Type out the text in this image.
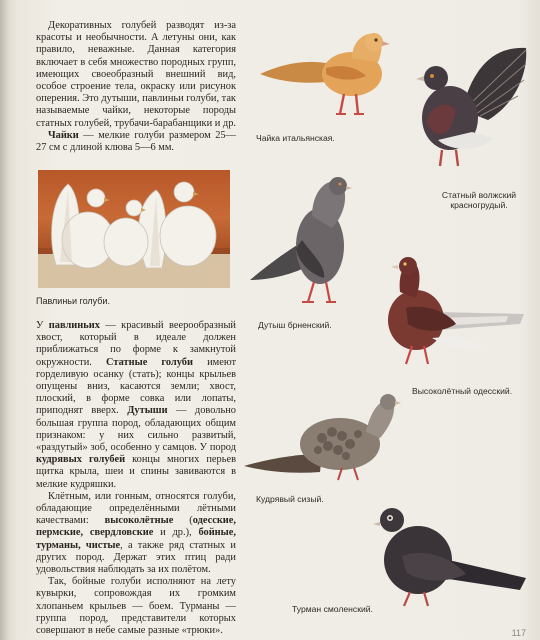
Декоративных голубей разводят из-за красоты и необычности. А летуны они, как правило, неважные. Данная категория включает в себя множество породных групп, имеющих своеобразный внешний вид, особое строение тела, окраску или рисунок оперения. Это дутыши, павлиньи голуби, так называемые чайки, некоторые породы статных голубей, трубачи-барабанщики и др.

Чайки — мелкие голуби размером 25—27 см с длиной клюва 5—6 мм.

Павлиньи голуби.

У павлиньих — красивый веерообразный хвост, который в идеале должен приближаться по форме к замкнутой окружности. Статные голуби имеют горделивую осанку (стать); концы крыльев опущены вниз, касаются земли; хвост, плоский, в форме совка или лопаты, приподнят вверх. Дутыши — довольно большая группа пород, обладающих общим признаком: у них сильно развитый, «раздутый» зоб, особенно у самцов. У пород кудрявых голубей концы многих перьев щитка крыла, шеи и спины завиваются в мелкие кудряшки.

Клётным, или гонным, относятся голуби, обладающие определёнными лётными качествами: высоколётные (одесские, пермские, свердловские и др.), бойные, турманы, чистые, а также ряд статных и других пород. Держат этих птиц ради удовольствия наблюдать за их полётом.

Так, бойные голуби исполняют на лету кувырки, сопровождая их громким хлопаньем крыльев — боем. Турманы — группа пород, представители которых совершают в небе самые разные «трюки».

Чайка итальянская.
Статный волжский красногрудый.
Дутыш брненский.
Высоколётный одесский.
Кудрявый сизый.
Турман смоленский.
117
